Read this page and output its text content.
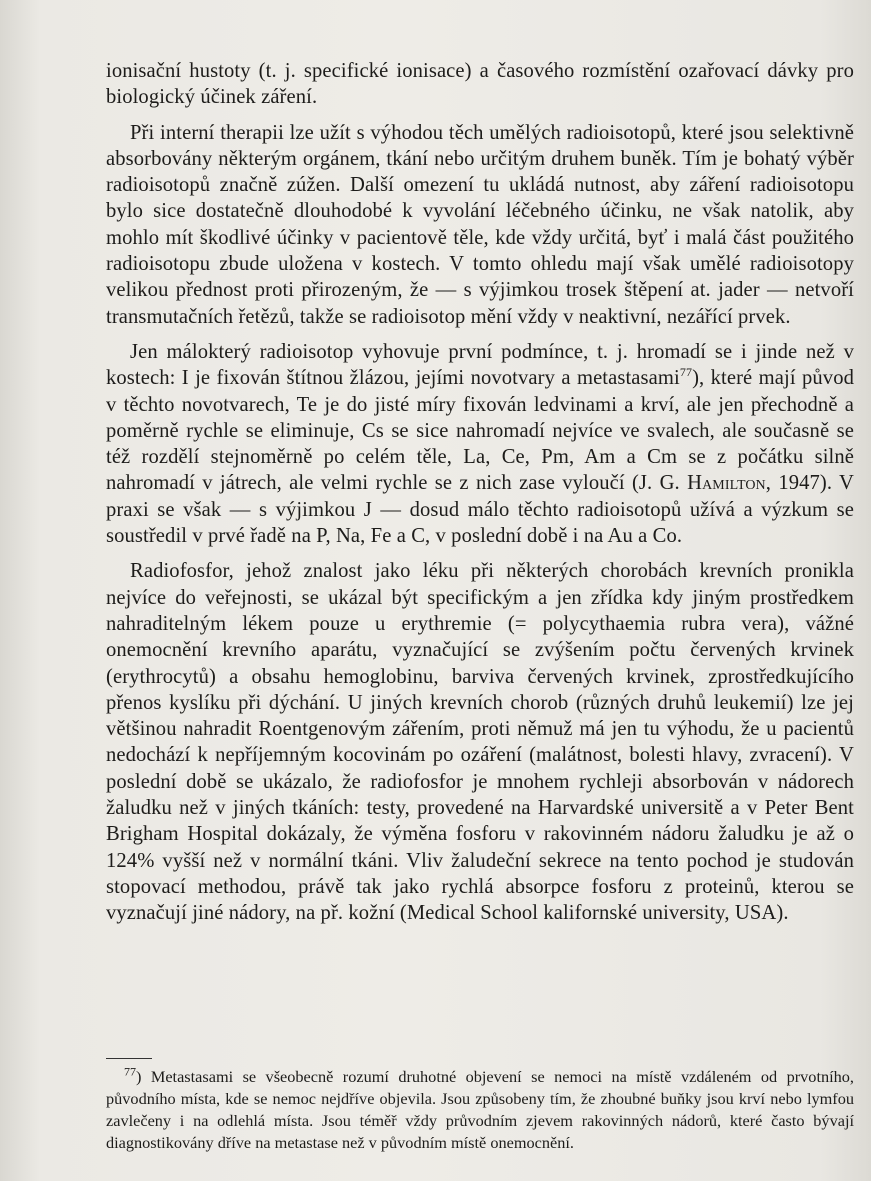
ionisační hustoty (t. j. specifické ionisace) a časového rozmístění ozařovací dávky pro biologický účinek záření.

Při interní therapii lze užít s výhodou těch umělých radioisotopů, které jsou selektivně absorbovány některým orgánem, tkání nebo určitým druhem buněk. Tím je bohatý výběr radioisotopů značně zúžen. Další omezení tu ukládá nutnost, aby záření radioisotopu bylo sice dostatečně dlouhodobé k vyvolání léčebného účinku, ne však natolik, aby mohlo mít škodlivé účinky v pacientově těle, kde vždy určitá, byť i malá část použitého radioisotopu zbude uložena v kostech. V tomto ohledu mají však umělé radioisotopy velikou přednost proti přirozeným, že — s výjimkou trosek štěpení at. jader — netvoří transmutačních řetězů, takže se radioisotop mění vždy v neaktivní, nezářící prvek.

Jen málokterý radioisotop vyhovuje první podmínce, t. j. hromadí se i jinde než v kostech: I je fixován štítnou žlázou, jejími novotvary a metastasami$^{77}$), které mají původ v těchto novotvarech, Te je do jisté míry fixován ledvinami a krví, ale jen přechodně a poměrně rychle se eliminuje, Cs se sice nahromadí nejvíce ve svalech, ale současně se též rozdělí stejnoměrně po celém těle, La, Ce, Pm, Am a Cm se z počátku silně nahromadí v játrech, ale velmi rychle se z nich zase vyloučí (J. G. Hamilton, 1947). V praxi se však — s výjimkou J — dosud málo těchto radioisotopů užívá a výzkum se soustředil v prvé řadě na P, Na, Fe a C, v poslední době i na Au a Co.

Radiofosfor, jehož znalost jako léku při některých chorobách krevních pronikla nejvíce do veřejnosti, se ukázal být specifickým a jen zřídka kdy jiným prostředkem nahraditelným lékem pouze u erythremie (= polycythaemia rubra vera), vážné onemocnění krevního aparátu, vyznačující se zvýšením počtu červených krvinek (erythrocytů) a obsahu hemoglobinu, barviva červených krvinek, zprostředkujícího přenos kyslíku při dýchání. U jiných krevních chorob (různých druhů leukemií) lze jej většinou nahradit Roentgenovým zářením, proti němuž má jen tu výhodu, že u pacientů nedochází k nepříjemným kocovinám po ozáření (malátnost, bolesti hlavy, zvracení). V poslední době se ukázalo, že radiofosfor je mnohem rychleji absorbován v nádorech žaludku než v jiných tkáních: testy, provedené na Harvardské universitě a v Peter Bent Brigham Hospital dokázaly, že výměna fosforu v rakovinném nádoru žaludku je až o 124% vyšší než v normální tkáni. Vliv žaludeční sekrece na tento pochod je studován stopovací methodou, právě tak jako rychlá absorpce fosforu z proteinů, kterou se vyznačují jiné nádory, na př. kožní (Medical School kalifornské university, USA).

$^{77}$) Metastasami se všeobecně rozumí druhotné objevení se nemoci na místě vzdáleném od prvotního, původního místa, kde se nemoc nejdříve objevila. Jsou způsobeny tím, že zhoubné buňky jsou krví nebo lymfou zavlečeny i na odlehlá místa. Jsou téměř vždy průvodním zjevem rakovinných nádorů, které často bývají diagnostikovány dříve na metastase než v původním místě onemocnění.
